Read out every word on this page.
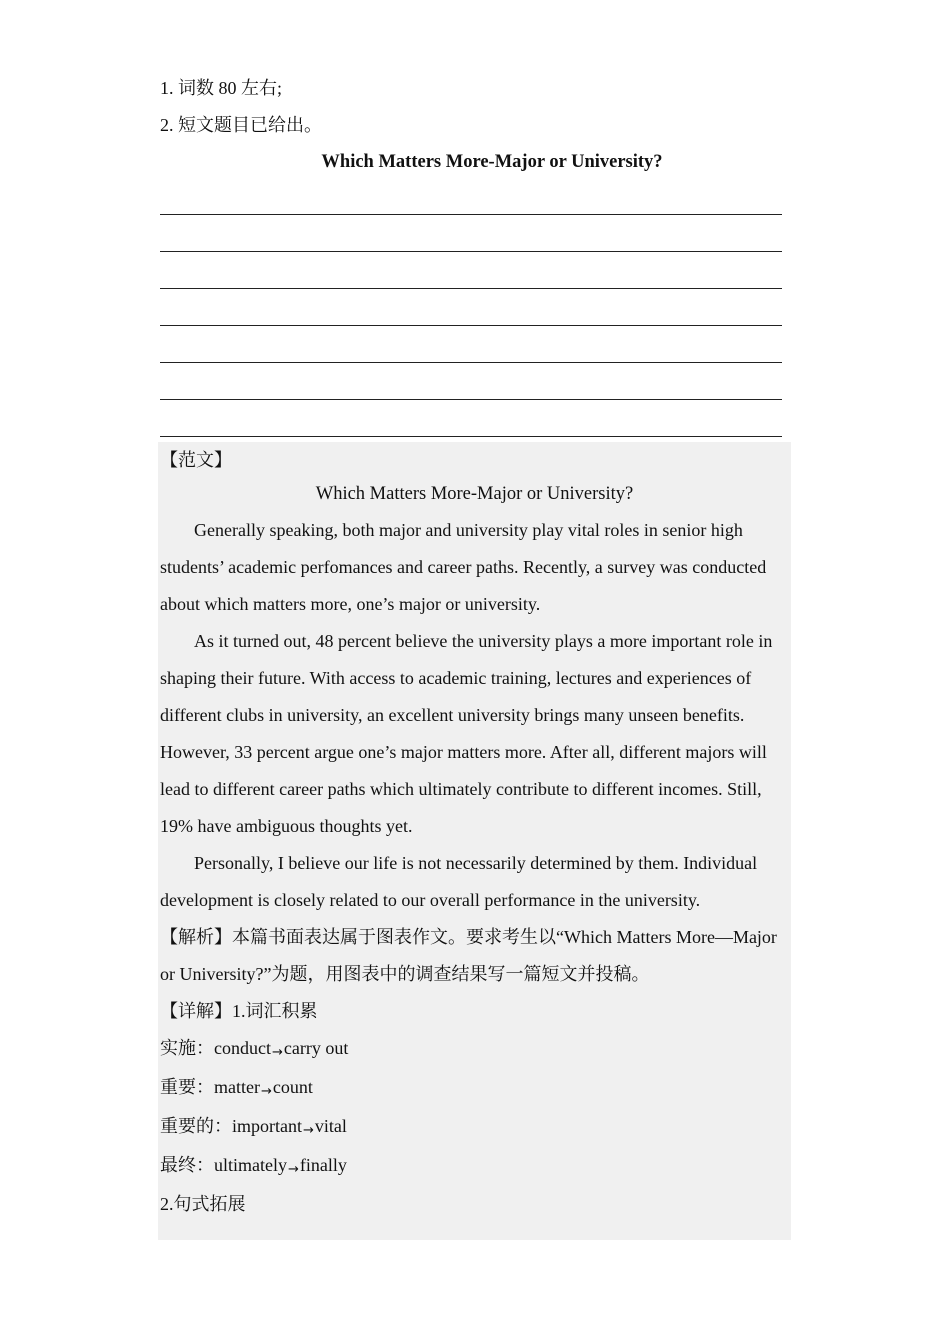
1. 词数 80 左右;
2. 短文题目已给出。
Which Matters More-Major or University?
【范文】
Which Matters More-Major or University?

Generally speaking, both major and university play vital roles in senior high students’ academic perfomances and career paths. Recently, a survey was conducted about which matters more, one’s major or university.

As it turned out, 48 percent believe the university plays a more important role in shaping their future. With access to academic training, lectures and experiences of different clubs in university, an excellent university brings many unseen benefits. However, 33 percent argue one’s major matters more. After all, different majors will lead to different career paths which ultimately contribute to different incomes. Still, 19% have ambiguous thoughts yet.

Personally, I believe our life is not necessarily determined by them. Individual development is closely related to our overall performance in the university.

【解析】本篇书面表达属于图表作文。要求考生以“Which Matters More—Major or University?”为题，用图表中的调查结果写一篇短文并投稿。

【详解】1.词汇积累
实施：conduct→carry out
重要：matter→count
重要的：important→vital
最终：ultimately→finally
2.句式拓展
